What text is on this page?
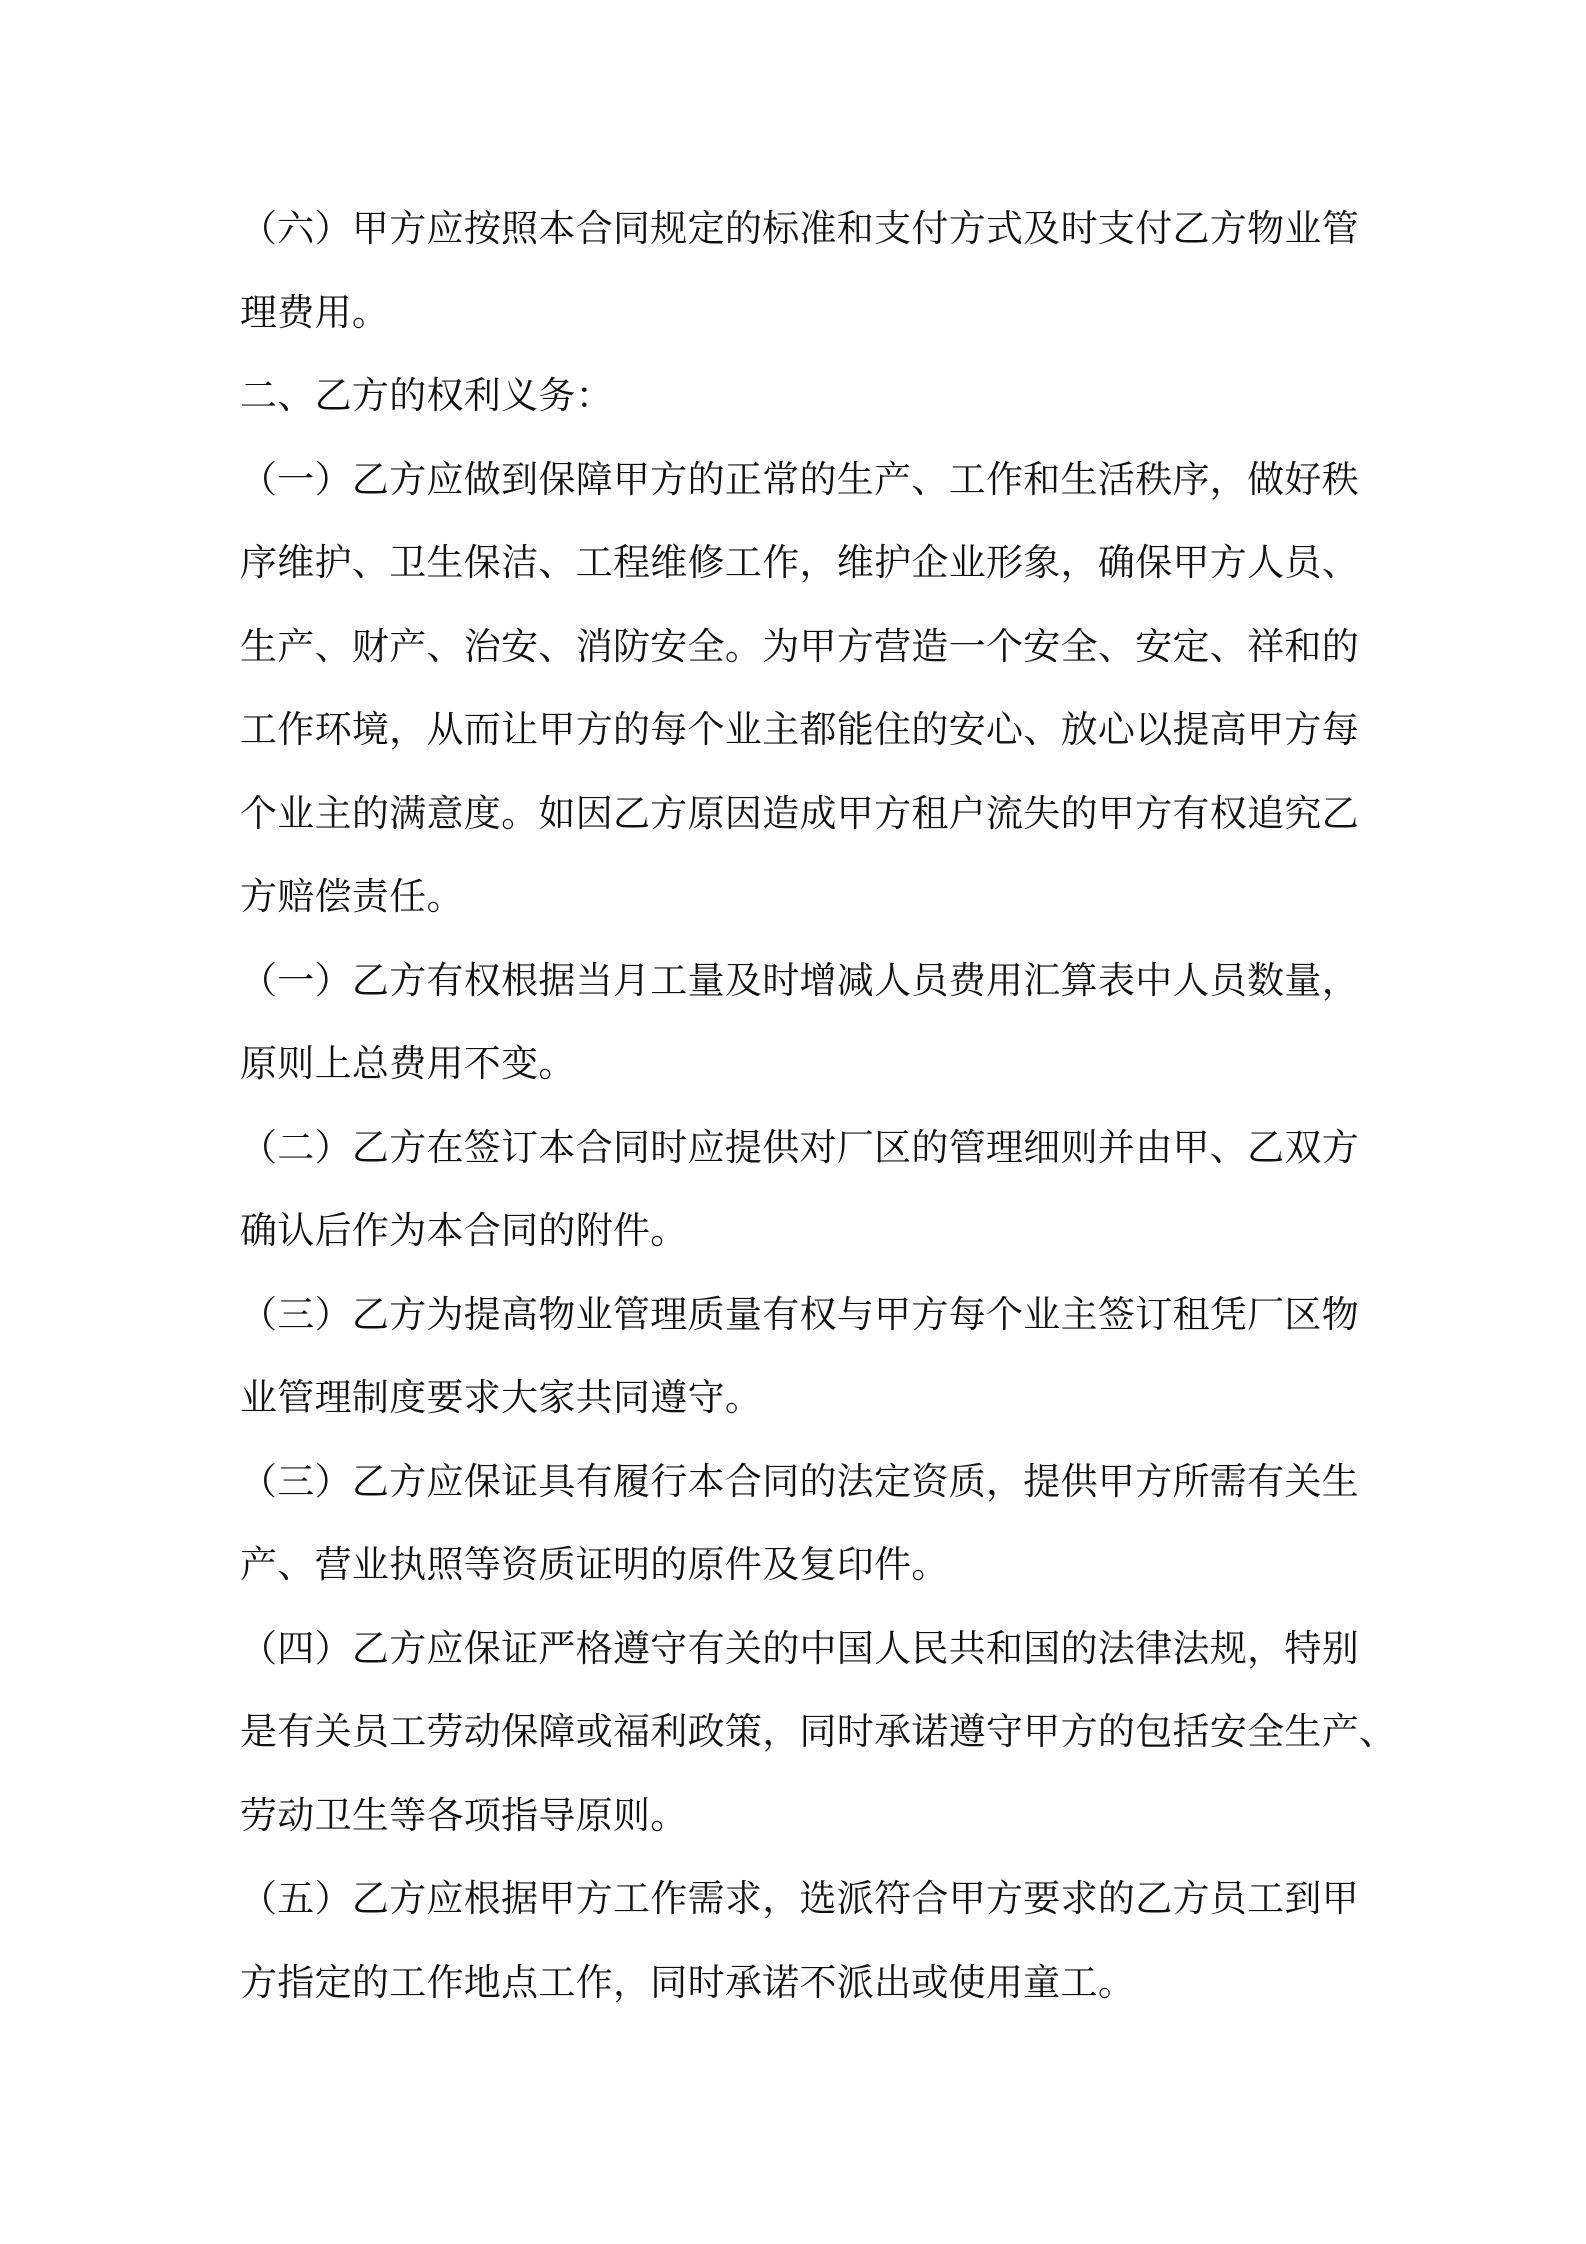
（六）甲方应按照本合同规定的标准和支付方式及时支付乙方物业管
理费用。
二、乙方的权利义务：
（一）乙方应做到保障甲方的正常的生产、工作和生活秩序，做好秩
序维护、卫生保洁、工程维修工作，维护企业形象，确保甲方人员、
生产、财产、治安、消防安全。为甲方营造一个安全、安定、祥和的
工作环境，从而让甲方的每个业主都能住的安心、放心以提高甲方每
个业主的满意度。如因乙方原因造成甲方租户流失的甲方有权追究乙
方赔偿责任。
（一）乙方有权根据当月工量及时增减人员费用汇算表中人员数量，
原则上总费用不变。
（二）乙方在签订本合同时应提供对厂区的管理细则并由甲、乙双方
确认后作为本合同的附件。
（三）乙方为提高物业管理质量有权与甲方每个业主签订租凭厂区物
业管理制度要求大家共同遵守。
（三）乙方应保证具有履行本合同的法定资质，提供甲方所需有关生
产、营业执照等资质证明的原件及复印件。
（四）乙方应保证严格遵守有关的中国人民共和国的法律法规，特别
是有关员工劳动保障或福利政策，同时承诺遵守甲方的包括安全生产、
劳动卫生等各项指导原则。
（五）乙方应根据甲方工作需求，选派符合甲方要求的乙方员工到甲
方指定的工作地点工作，同时承诺不派出或使用童工。
